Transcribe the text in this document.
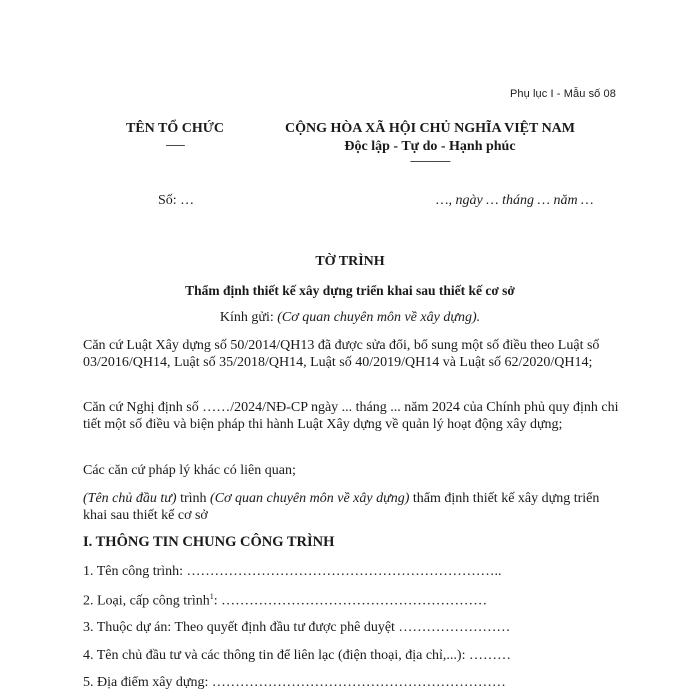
Phụ lục I - Mẫu số 08
TÊN TỔ CHỨC
-------
CỘNG HÒA XÃ HỘI CHỦ NGHĨA VIỆT NAM
Độc lập - Tự do - Hạnh phúc
---------------
Số: …	…, ngày … tháng … năm …
TỜ TRÌNH
Thẩm định thiết kế xây dựng triển khai sau thiết kế cơ sở
Kính gửi: (Cơ quan chuyên môn về xây dựng).
Căn cứ Luật Xây dựng số 50/2014/QH13 đã được sửa đổi, bổ sung một số điều theo Luật số 03/2016/QH14, Luật số 35/2018/QH14, Luật số 40/2019/QH14 và Luật số 62/2020/QH14;
Căn cứ Nghị định số ……/2024/NĐ-CP ngày ... tháng ... năm 2024 của Chính phủ quy định chi tiết một số điều và biện pháp thi hành Luật Xây dựng về quản lý hoạt động xây dựng;
Các căn cứ pháp lý khác có liên quan;
(Tên chủ đầu tư) trình (Cơ quan chuyên môn về xây dựng) thẩm định thiết kế xây dựng triển khai sau thiết kế cơ sở
I. THÔNG TIN CHUNG CÔNG TRÌNH
1. Tên công trình: …………………………………………………………..
2. Loại, cấp công trình$^1$: …………………………………………………
3. Thuộc dự án: Theo quyết định đầu tư được phê duyệt ……………………
4. Tên chủ đầu tư và các thông tin để liên lạc (điện thoại, địa chỉ,...): ………
5. Địa điểm xây dựng: ………………………………………………………
